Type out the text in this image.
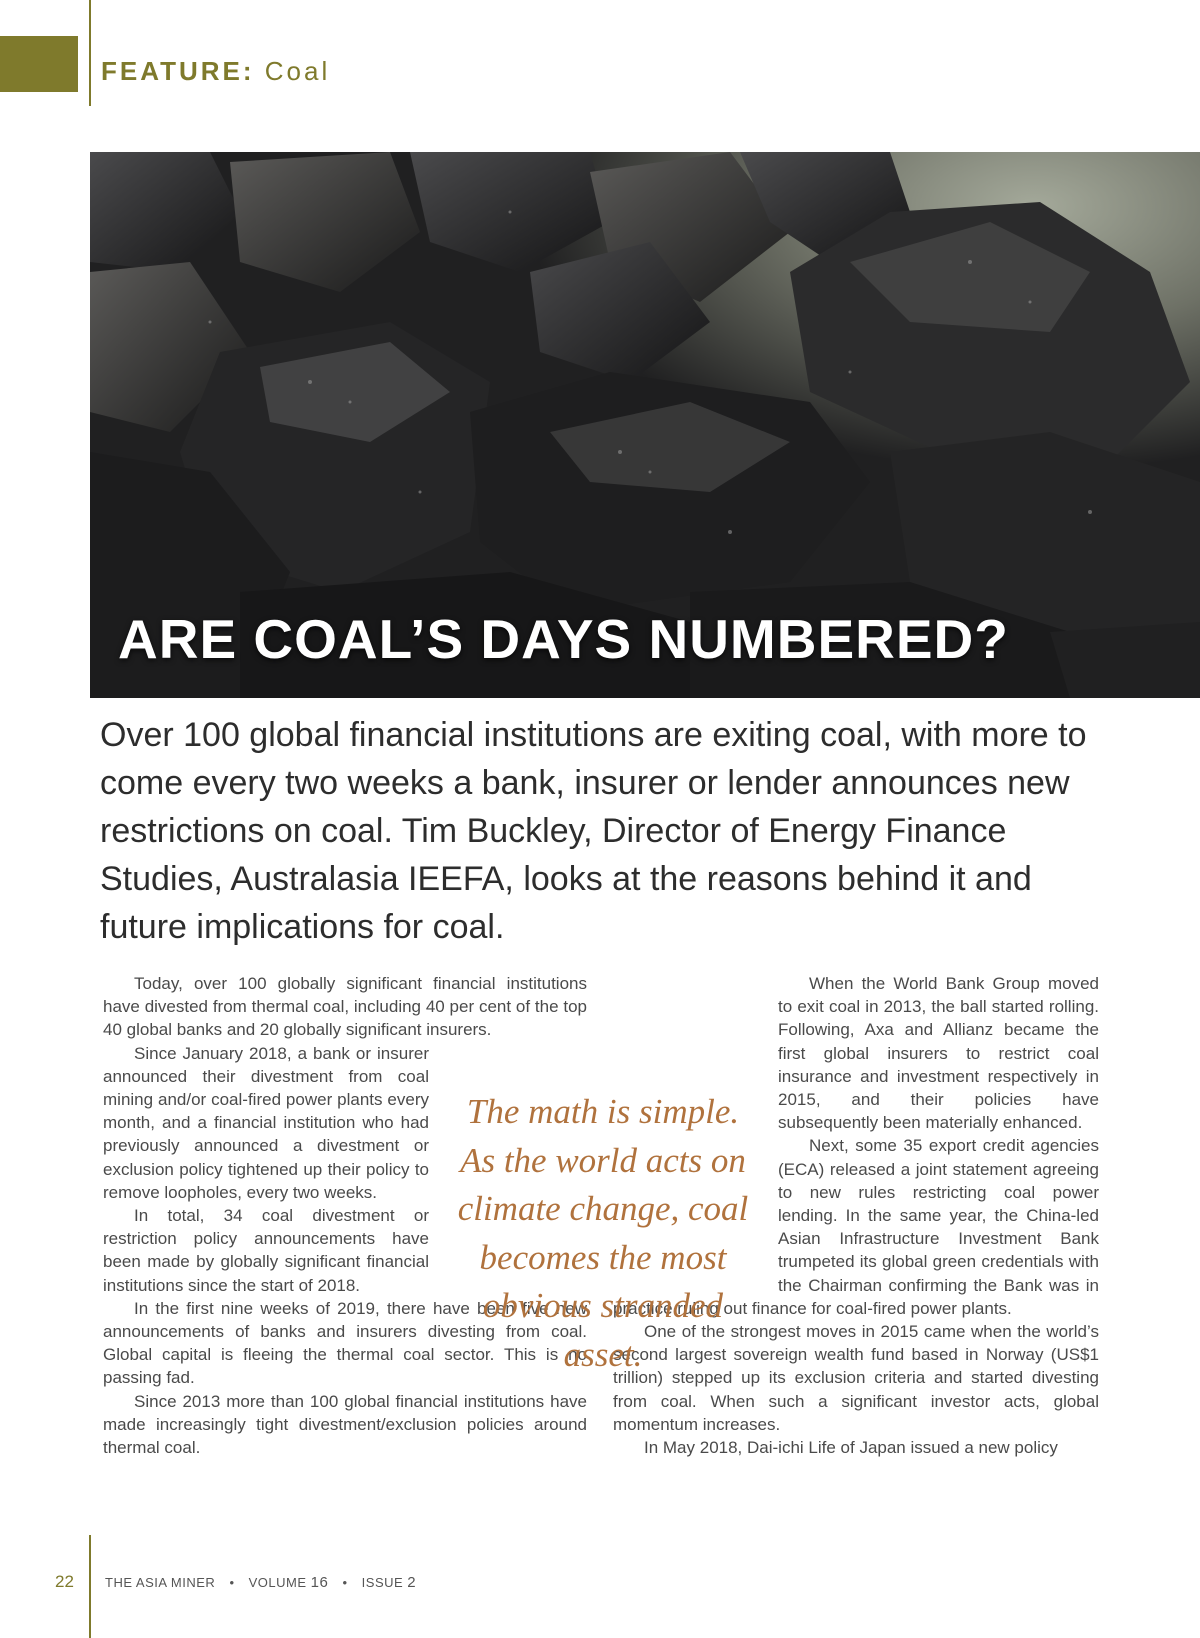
FEATURE: Coal
ARE COAL’S DAYS NUMBERED?

Over 100 global financial institutions are exiting coal, with more to come every two weeks a bank, insurer or lender announces new restrictions on coal. Tim Buckley, Director of Energy Finance Studies, Australasia IEEFA, looks at the reasons behind it and future implications for coal.

Today, over 100 globally significant financial institutions have divested from thermal coal, including 40 per cent of the top 40 global banks and 20 globally significant insurers.

Since January 2018, a bank or insurer announced their divestment from coal mining and/or coal-fired power plants every month, and a financial institution who had previously announced a divestment or exclusion policy tightened up their policy to remove loopholes, every two weeks.

In total, 34 coal divestment or restriction policy announcements have been made by globally significant financial institutions since the start of 2018.

In the first nine weeks of 2019, there have been five new announcements of banks and insurers divesting from coal. Global capital is fleeing the thermal coal sector. This is no passing fad.

Since 2013 more than 100 global financial institutions have made increasingly tight divestment/exclusion policies around thermal coal.

When the World Bank Group moved to exit coal in 2013, the ball started rolling. Following, Axa and Allianz became the first global insurers to restrict coal insurance and investment respectively in 2015, and their policies have subsequently been materially enhanced.

Next, some 35 export credit agencies (ECA) released a joint statement agreeing to new rules restricting coal power lending. In the same year, the China-led Asian Infrastructure Investment Bank trumpeted its global green credentials with the Chairman confirming the Bank was in practice ruling out finance for coal-fired power plants.

One of the strongest moves in 2015 came when the world’s second largest sovereign wealth fund based in Norway (US$1 trillion) stepped up its exclusion criteria and started divesting from coal. When such a significant investor acts, global momentum increases.

In May 2018, Dai-ichi Life of Japan issued a new policy

The math is simple. As the world acts on climate change, coal becomes the most obvious stranded asset.
22 THE ASIA MINER • VOLUME 16 • ISSUE 2
